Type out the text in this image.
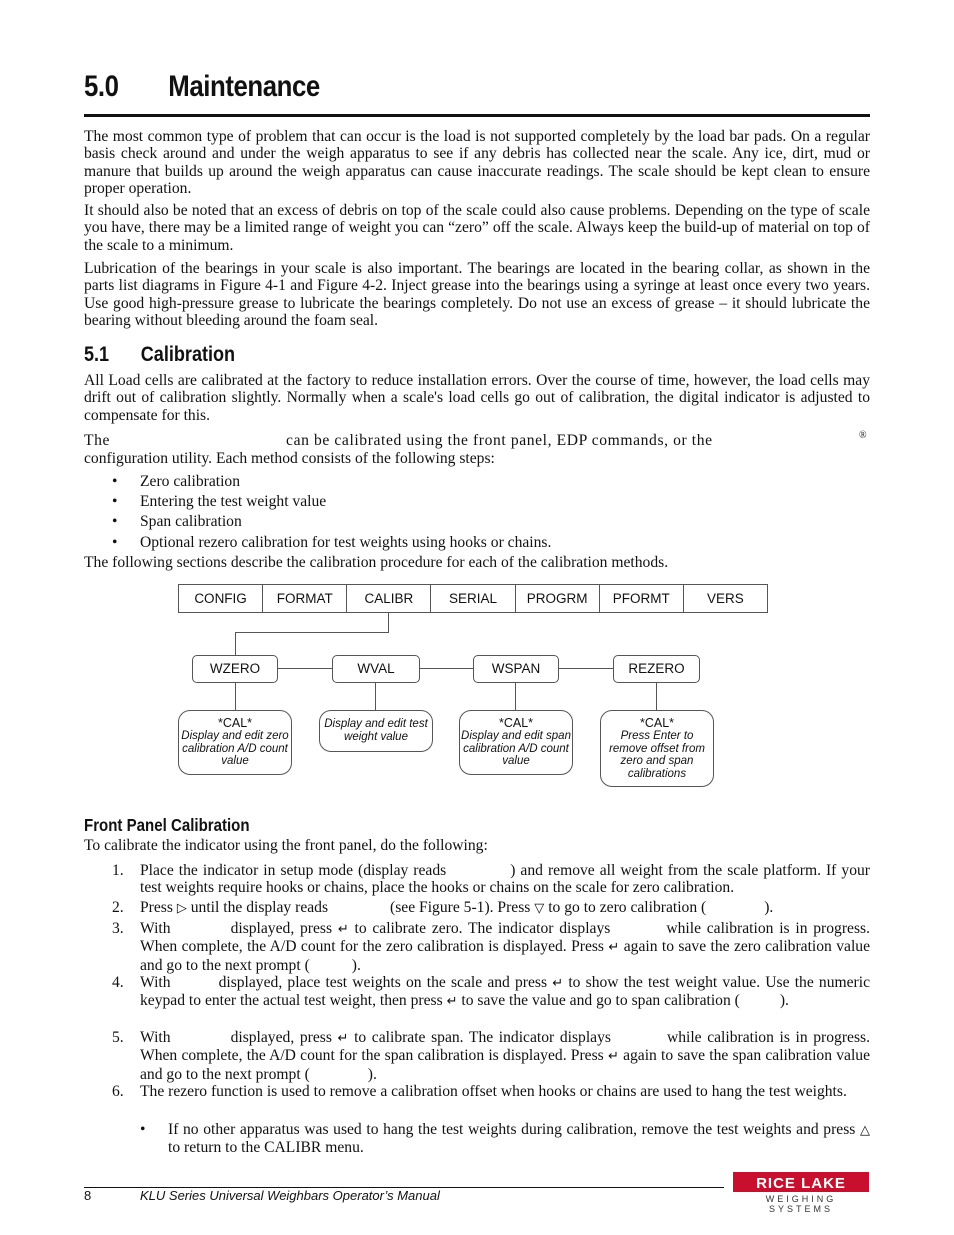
5.0 Maintenance
The most common type of problem that can occur is the load is not supported completely by the load bar pads. On a regular basis check around and under the weigh apparatus to see if any debris has collected near the scale. Any ice, dirt, mud or manure that builds up around the weigh apparatus can cause inaccurate readings. The scale should be kept clean to ensure proper operation.
It should also be noted that an excess of debris on top of the scale could also cause problems. Depending on the type of scale you have, there may be a limited range of weight you can “zero” off the scale. Always keep the build-up of material on top of the scale to a minimum.
Lubrication of the bearings in your scale is also important. The bearings are located in the bearing collar, as shown in the parts list diagrams in Figure 4-1 and Figure 4-2. Inject grease into the bearings using a syringe at least once every two years. Use good high-pressure grease to lubricate the bearings completely. Do not use an excess of grease – it should lubricate the bearing without bleeding around the foam seal.
5.1 Calibration
All Load cells are calibrated at the factory to reduce installation errors. Over the course of time, however, the load cells may drift out of calibration slightly. Normally when a scale's load cells go out of calibration, the digital indicator is adjusted to compensate for this.
The	can be calibrated using the front panel, EDP commands, or the	®
configuration utility. Each method consists of the following steps:
• Zero calibration
• Entering the test weight value
• Span calibration
• Optional rezero calibration for test weights using hooks or chains.
The following sections describe the calibration procedure for each of the calibration methods.
CONFIG	FORMAT	CALIBR	SERIAL	PROGRM	PFORMT	VERS
WZERO	WVAL	WSPAN	REZERO
*CAL*
Display and edit zero calibration A/D count value
Display and edit test weight value
*CAL*
Display and edit span calibration A/D count value
*CAL*
Press Enter to remove offset from zero and span calibrations
Front Panel Calibration
To calibrate the indicator using the front panel, do the following:
1. Place the indicator in setup mode (display reads	) and remove all weight from the scale platform. If your test weights require hooks or chains, place the hooks or chains on the scale for zero calibration.
2. Press ▷ until the display reads	(see Figure 5-1). Press ▽ to go to zero calibration (	).
3. With	displayed, press ↵ to calibrate zero. The indicator displays	while calibration is in progress. When complete, the A/D count for the zero calibration is displayed. Press ↵ again to save the zero calibration value and go to the next prompt (	).
4. With	displayed, place test weights on the scale and press ↵ to show the test weight value. Use the numeric keypad to enter the actual test weight, then press ↵ to save the value and go to span calibration (	).
5. With	displayed, press ↵ to calibrate span. The indicator displays	while calibration is in progress. When complete, the A/D count for the span calibration is displayed. Press ↵ again to save the span calibration value and go to the next prompt (	).
6. The rezero function is used to remove a calibration offset when hooks or chains are used to hang the test weights.
• If no other apparatus was used to hang the test weights during calibration, remove the test weights and press △ to return to the CALIBR menu.
8	KLU Series Universal Weighbars Operator’s Manual
RICE LAKE
WEIGHING SYSTEMS
